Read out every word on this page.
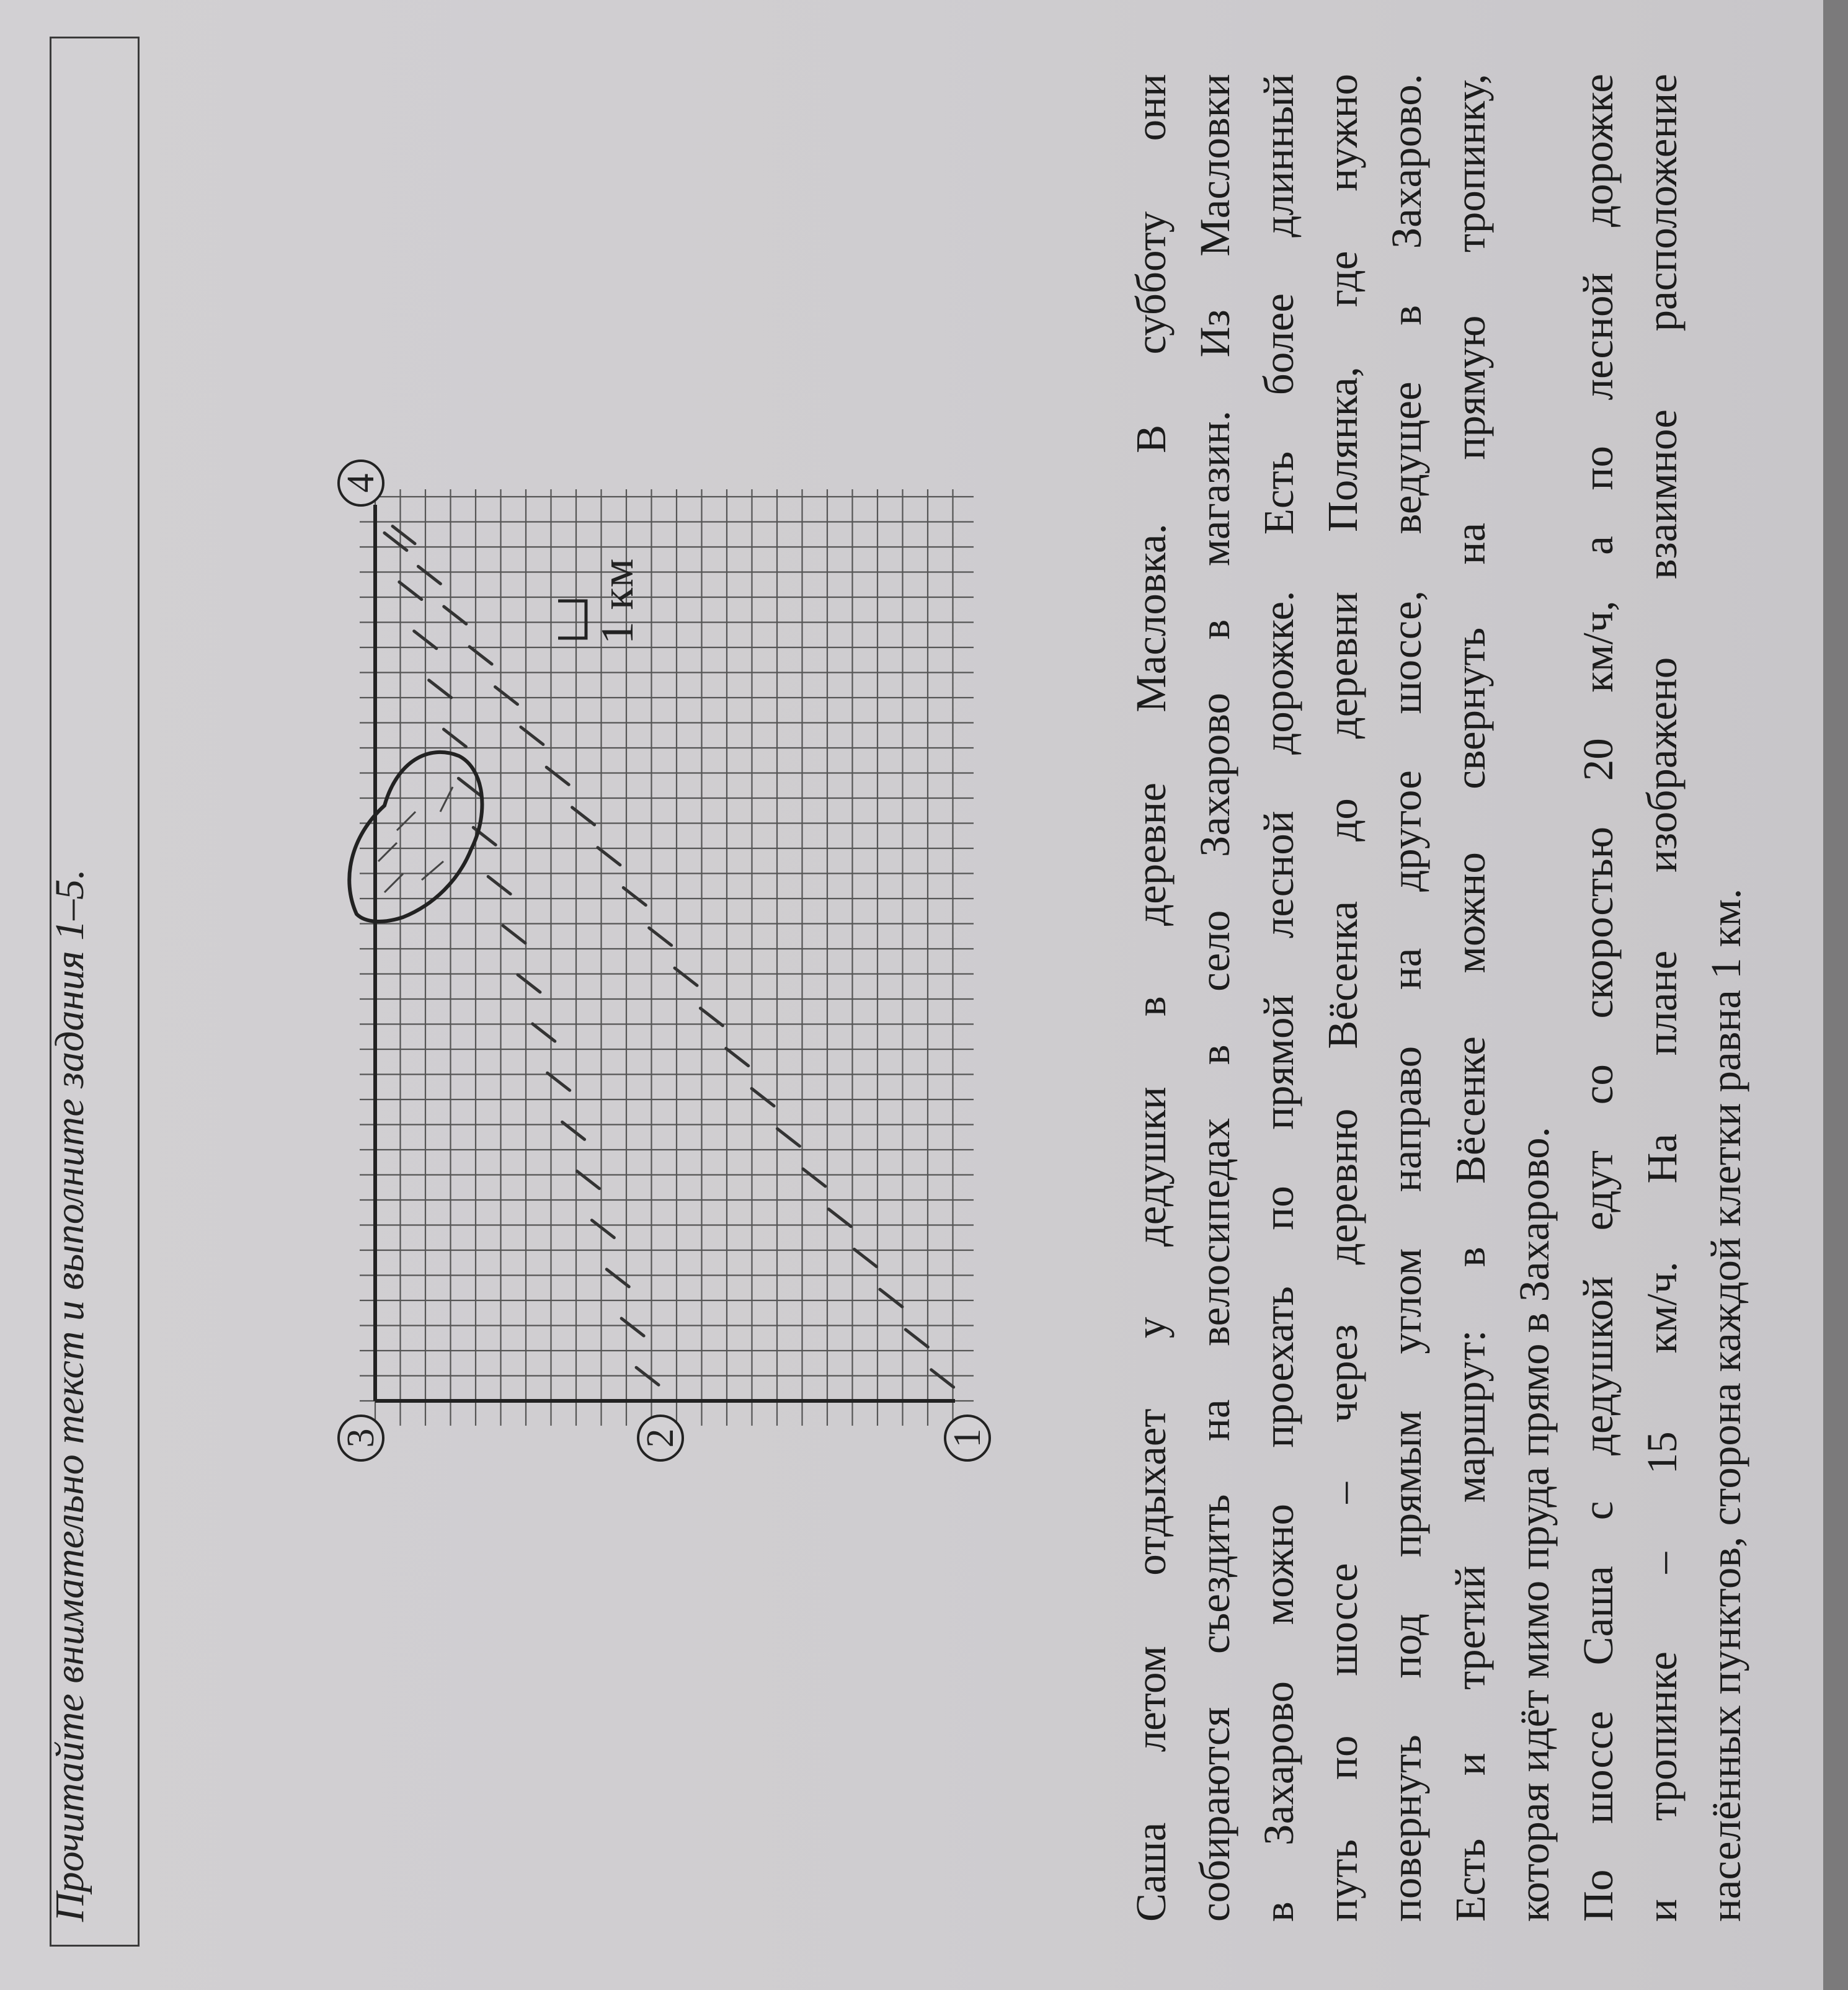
Прочитайте внимательно текст и выполните задания 1–5.
1 км
1
2
3
4	Саша летом отдыхает у дедушки в деревне Масловка. В субботу они собираются съездить на велосипедах в село Захарово в магазин. Из Масловки в Захарово можно проехать по прямой лесной дорожке. Есть более длинный путь по шоссе – через деревню Вёсенка до деревни Полянка, где нужно повернуть под прямым углом направо на другое шоссе, ведущее в Захарово. Есть и третий маршрут: в Вёсенке можно свернуть на прямую тропинку, которая идёт мимо пруда прямо в Захарово. По шоссе Саша с дедушкой едут со скоростью 20 км/ч, а по лесной дорожке и тропинке – 15 км/ч. На плане изображено взаимное расположение населённых пунктов, сторона каждой клетки равна 1 км.
